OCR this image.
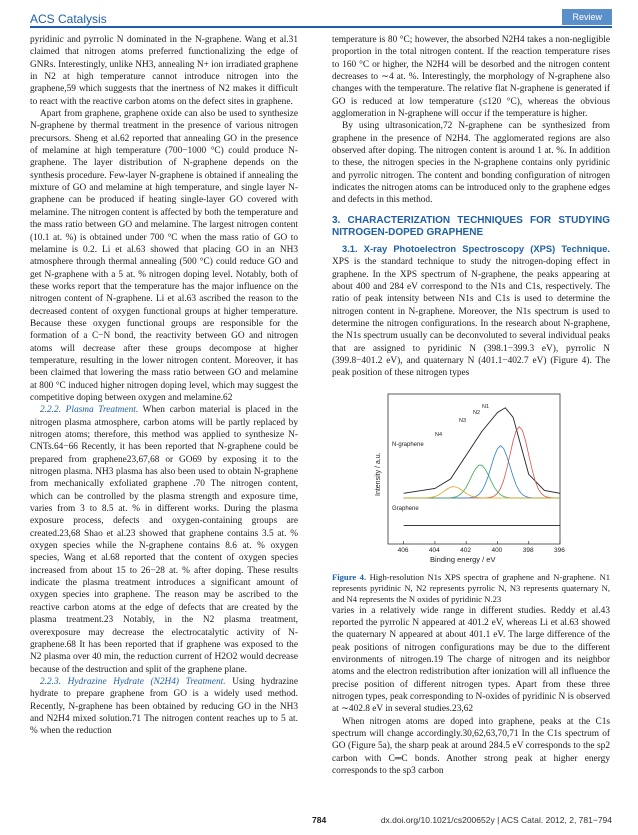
ACS Catalysis	Review

pyridinic and pyrrolic N dominated in the N-graphene. Wang et al.31 claimed that nitrogen atoms preferred functionalizing the edge of GNRs. Interestingly, unlike NH3, annealing N+ ion irradiated graphene in N2 at high temperature cannot introduce nitrogen into the graphene,59 which suggests that the inertness of N2 makes it difficult to react with the reactive carbon atoms on the defect sites in graphene.

Apart from graphene, graphene oxide can also be used to synthesize N-graphene by thermal treatment in the presence of various nitrogen precursors. Sheng et al.62 reported that annealing GO in the presence of melamine at high temperature (700−1000 °C) could produce N-graphene. The layer distribution of N-graphene depends on the synthesis procedure. Few-layer N-graphene is obtained if annealing the mixture of GO and melamine at high temperature, and single layer N-graphene can be produced if heating single-layer GO covered with melamine. The nitrogen content is affected by both the temperature and the mass ratio between GO and melamine. The largest nitrogen content (10.1 at. %) is obtained under 700 °C when the mass ratio of GO to melamine is 0.2. Li et al.63 showed that placing GO in an NH3 atmosphere through thermal annealing (500 °C) could reduce GO and get N-graphene with a 5 at. % nitrogen doping level. Notably, both of these works report that the temperature has the major influence on the nitrogen content of N-graphene. Li et al.63 ascribed the reason to the decreased content of oxygen functional groups at higher temperature. Because these oxygen functional groups are responsible for the formation of a C−N bond, the reactivity between GO and nitrogen atoms will decrease after these groups decompose at higher temperature, resulting in the lower nitrogen content. Moreover, it has been claimed that lowering the mass ratio between GO and melamine at 800 °C induced higher nitrogen doping level, which may suggest the competitive doping between oxygen and melamine.62

2.2.2. Plasma Treatment. When carbon material is placed in the nitrogen plasma atmosphere, carbon atoms will be partly replaced by nitrogen atoms; therefore, this method was applied to synthesize N-CNTs.64−66 Recently, it has been reported that N-graphene could be prepared from graphene23,67,68 or GO69 by exposing it to the nitrogen plasma. NH3 plasma has also been used to obtain N-graphene from mechanically exfoliated graphene .70 The nitrogen content, which can be controlled by the plasma strength and exposure time, varies from 3 to 8.5 at. % in different works. During the plasma exposure process, defects and oxygen-containing groups are created.23,68 Shao et al.23 showed that graphene contains 3.5 at. % oxygen species while the N-graphene contains 8.6 at. % oxygen species, Wang et al.68 reported that the content of oxygen species increased from about 15 to 26−28 at. % after doping. These results indicate the plasma treatment introduces a significant amount of oxygen species into graphene. The reason may be ascribed to the reactive carbon atoms at the edge of defects that are created by the plasma treatment.23 Notably, in the N2 plasma treatment, overexposure may decrease the electrocatalytic activity of N-graphene.68 It has been reported that if graphene was exposed to the N2 plasma over 40 min, the reduction current of H2O2 would decrease because of the destruction and split of the graphene plane.

2.2.3. Hydrazine Hydrate (N2H4) Treatment. Using hydrazine hydrate to prepare graphene from GO is a widely used method. Recently, N-graphene has been obtained by reducing GO in the NH3 and N2H4 mixed solution.71 The nitrogen content reaches up to 5 at. % when the reduction

temperature is 80 °C; however, the absorbed N2H4 takes a non-negligible proportion in the total nitrogen content. If the reaction temperature rises to 160 °C or higher, the N2H4 will be desorbed and the nitrogen content decreases to ∼4 at. %. Interestingly, the morphology of N-graphene also changes with the temperature. The relative flat N-graphene is generated if GO is reduced at low temperature (≤120 °C), whereas the obvious agglomeration in N-graphene will occur if the temperature is higher.

By using ultrasonication,72 N-graphene can be synthesized from graphene in the presence of N2H4. The agglomerated regions are also observed after doping. The nitrogen content is around 1 at. %. In addition to these, the nitrogen species in the N-graphene contains only pyridinic and pyrrolic nitrogen. The content and bonding configuration of nitrogen indicates the nitrogen atoms can be introduced only to the graphene edges and defects in this method.

3. CHARACTERIZATION TECHNIQUES FOR STUDYING NITROGEN-DOPED GRAPHENE

3.1. X-ray Photoelectron Spectroscopy (XPS) Technique. XPS is the standard technique to study the nitrogen-doping effect in graphene. In the XPS spectrum of N-graphene, the peaks appearing at about 400 and 284 eV correspond to the N1s and C1s, respectively. The ratio of peak intensity between N1s and C1s is used to determine the nitrogen content in N-graphene. Moreover, the N1s spectrum is used to determine the nitrogen configurations. In the research about N-graphene, the N1s spectrum usually can be deconvoluted to several individual peaks that are assigned to pyridinic N (398.1−399.3 eV), pyrrolic N (399.8−401.2 eV), and quaternary N (401.1−402.7 eV) (Figure 4). The peak position of these nitrogen types

Intensity / a.u.
Binding energy / eV
406	404	402	400	398	396
N-graphene
Graphene
N1
N2
N3
N4

Figure 4. High-resolution N1s XPS spectra of graphene and N-graphene. N1 represents pyridinic N, N2 represents pyrrolic N, N3 represents quaternary N, and N4 represents the N oxides of pyridinic N.23

varies in a relatively wide range in different studies. Reddy et al.43 reported the pyrrolic N appeared at 401.2 eV, whereas Li et al.63 showed the quaternary N appeared at about 401.1 eV. The large difference of the peak positions of nitrogen configurations may be due to the different environments of nitrogen.19 The charge of nitrogen and its neighbor atoms and the electron redistribution after ionization will all influence the precise position of different nitrogen types. Apart from these three nitrogen types, peak corresponding to N-oxides of pyridinic N is observed at ∼402.8 eV in several studies.23,62

When nitrogen atoms are doped into graphene, peaks at the C1s spectrum will change accordingly.30,62,63,70,71 In the C1s spectrum of GO (Figure 5a), the sharp peak at around 284.5 eV corresponds to the sp2 carbon with C═C bonds. Another strong peak at higher energy corresponds to the sp3 carbon

784	dx.doi.org/10.1021/cs200652y | ACS Catal. 2012, 2, 781−794
